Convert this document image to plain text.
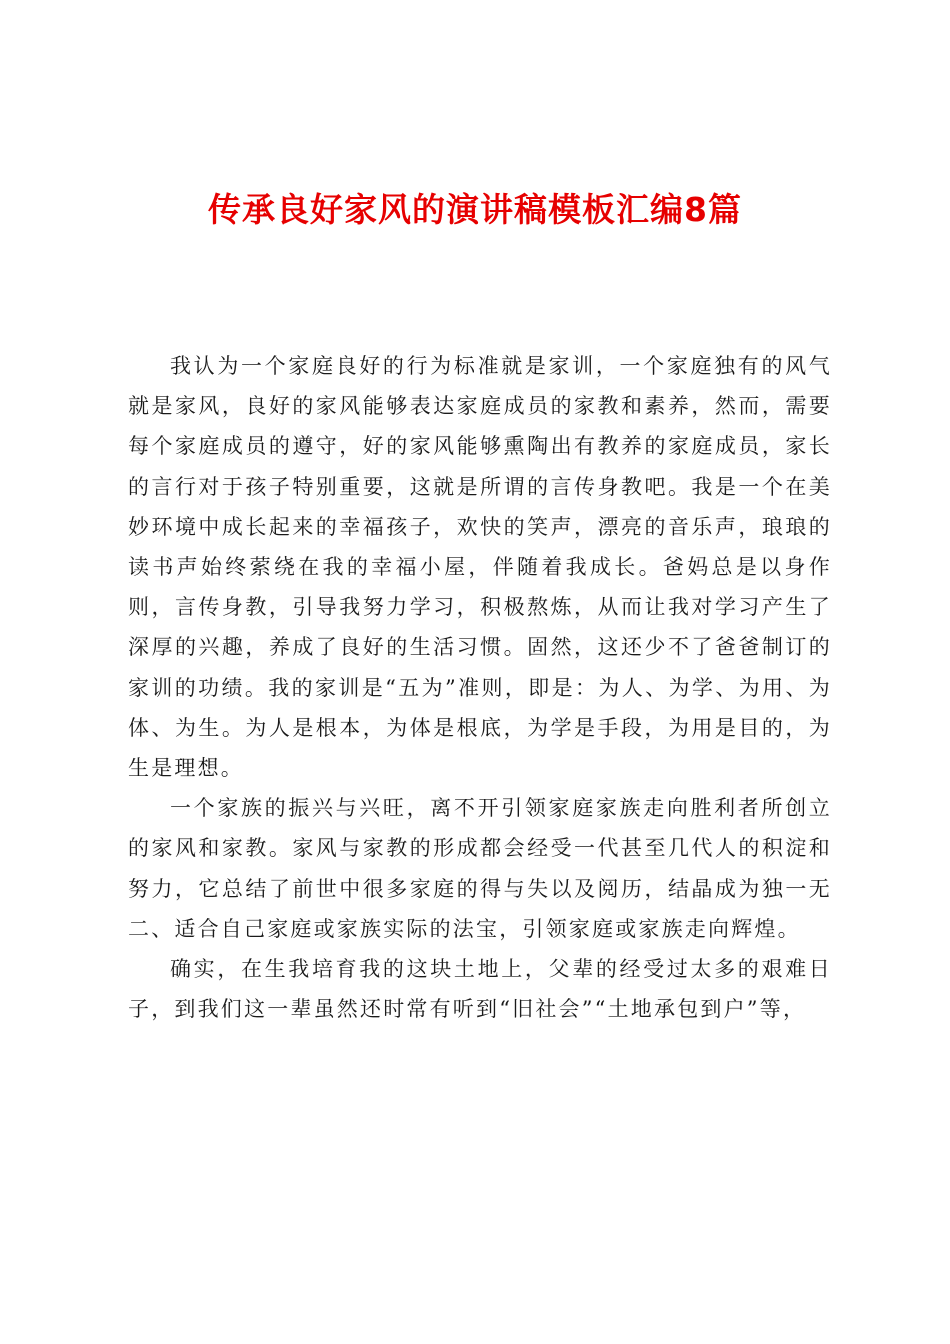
传承良好家风的演讲稿模板汇编8篇

我认为一个家庭良好的行为标准就是家训，一个家庭独有的风气就是家风，良好的家风能够表达家庭成员的家教和素养，然而，需要每个家庭成员的遵守，好的家风能够熏陶出有教养的家庭成员，家长的言行对于孩子特别重要，这就是所谓的言传身教吧。我是一个在美妙环境中成长起来的幸福孩子，欢快的笑声，漂亮的音乐声，琅琅的读书声始终萦绕在我的幸福小屋，伴随着我成长。爸妈总是以身作则，言传身教，引导我努力学习，积极熬炼，从而让我对学习产生了深厚的兴趣，养成了良好的生活习惯。固然，这还少不了爸爸制订的家训的功绩。我的家训是“五为”准则，即是：为人、为学、为用、为体、为生。为人是根本，为体是根底，为学是手段，为用是目的，为生是理想。

一个家族的振兴与兴旺，离不开引领家庭家族走向胜利者所创立的家风和家教。家风与家教的形成都会经受一代甚至几代人的积淀和努力，它总结了前世中很多家庭的得与失以及阅历，结晶成为独一无二、适合自己家庭或家族实际的法宝，引领家庭或家族走向辉煌。

确实，在生我培育我的这块土地上，父辈的经受过太多的艰难日子，到我们这一辈虽然还时常有听到“旧社会”“土地承包到户”等，
